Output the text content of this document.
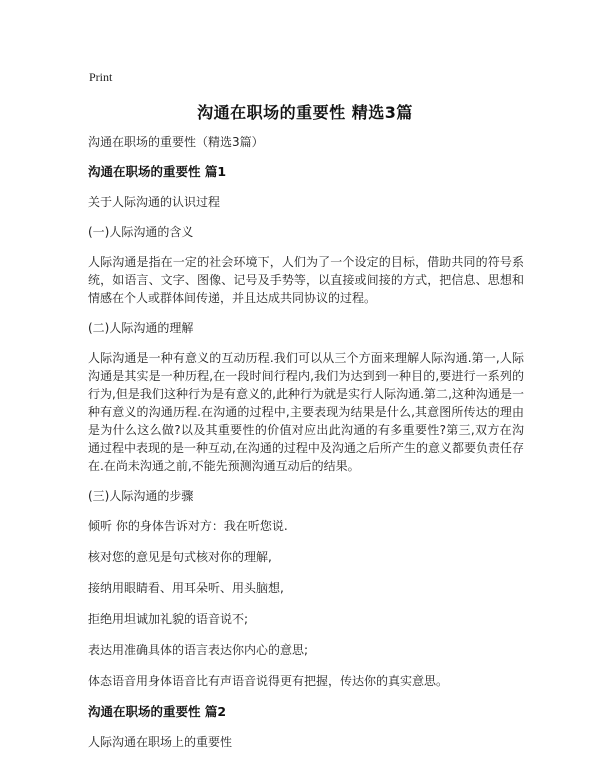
Print
沟通在职场的重要性 精选3篇

沟通在职场的重要性（精选3篇）

沟通在职场的重要性 篇1

关于人际沟通的认识过程

(一)人际沟通的含义

人际沟通是指在一定的社会环境下，人们为了一个设定的目标，借助共同的符号系统，如语言、文字、图像、记号及手势等，以直接或间接的方式，把信息、思想和情感在个人或群体间传递，并且达成共同协议的过程。

(二)人际沟通的理解

人际沟通是一种有意义的互动历程.我们可以从三个方面来理解人际沟通.第一,人际沟通是其实是一种历程,在一段时间行程内,我们为达到到一种目的,要进行一系列的行为,但是我们这种行为是有意义的,此种行为就是实行人际沟通.第二,这种沟通是一种有意义的沟通历程.在沟通的过程中,主要表现为结果是什么,其意图所传达的理由是为什么这么做?以及其重要性的价值对应出此沟通的有多重要性?第三,双方在沟通过程中表现的是一种互动,在沟通的过程中及沟通之后所产生的意义都要负责任存在.在尚未沟通之前,不能先预测沟通互动后的结果。

(三)人际沟通的步骤

倾听 你的身体告诉对方：我在听您说.

核对您的意见是句式核对你的理解,

接纳用眼睛看、用耳朵听、用头脑想,

拒绝用坦诚加礼貌的语音说不;

表达用准确具体的语言表达你内心的意思;

体态语音用身体语音比有声语音说得更有把握，传达你的真实意思。

沟通在职场的重要性 篇2

人际沟通在职场上的重要性
